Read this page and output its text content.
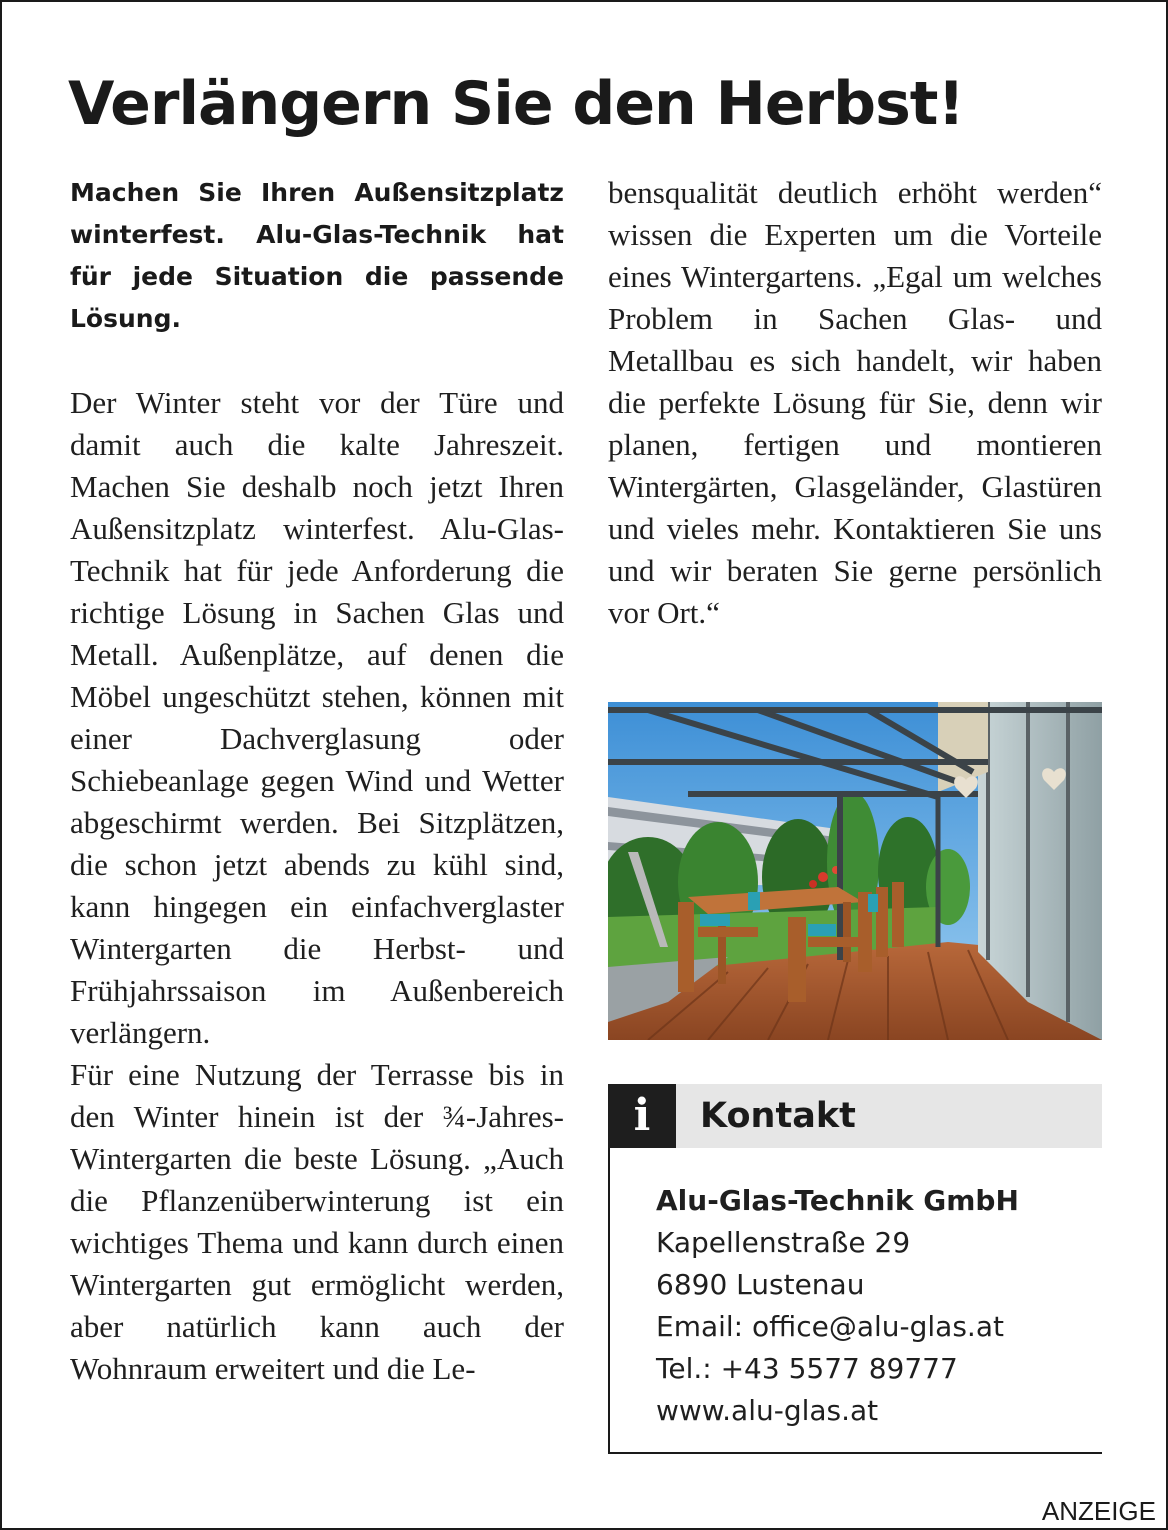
Verlängern Sie den Herbst!

Machen Sie Ihren Außensitzplatz winterfest. Alu-Glas-Technik hat für jede Situation die passende Lösung.

Der Winter steht vor der Türe und damit auch die kalte Jahreszeit. Machen Sie deshalb noch jetzt Ihren Außensitzplatz winterfest. Alu-Glas-Technik hat für jede Anforderung die richtige Lösung in Sachen Glas und Metall. Außenplätze, auf denen die Möbel ungeschützt stehen, können mit einer Dachverglasung oder Schiebeanlage gegen Wind und Wetter abgeschirmt werden. Bei Sitzplätzen, die schon jetzt abends zu kühl sind, kann hingegen ein einfachverglaster Wintergarten die Herbst- und Frühjahrssaison im Außenbereich verlängern.

Für eine Nutzung der Terrasse bis in den Winter hinein ist der ¾-Jahres-Wintergarten die beste Lösung. „Auch die Pflanzenüberwinterung ist ein wichtiges Thema und kann durch einen Wintergarten gut ermöglicht werden, aber natürlich kann auch der Wohnraum erweitert und die Le-

bensqualität deutlich erhöht werden“ wissen die Experten um die Vorteile eines Wintergartens. „Egal um welches Problem in Sachen Glas- und Metallbau es sich handelt, wir haben die perfekte Lösung für Sie, denn wir planen, fertigen und montieren Wintergärten, Glasgeländer, Glastüren und vieles mehr. Kontaktieren Sie uns und wir beraten Sie gerne persönlich vor Ort.“

i	Kontakt
Alu-Glas-Technik GmbH
Kapellenstraße 29
6890 Lustenau
Email: office@alu-glas.at
Tel.: +43 5577 89777
www.alu-glas.at
ANZEIGE
